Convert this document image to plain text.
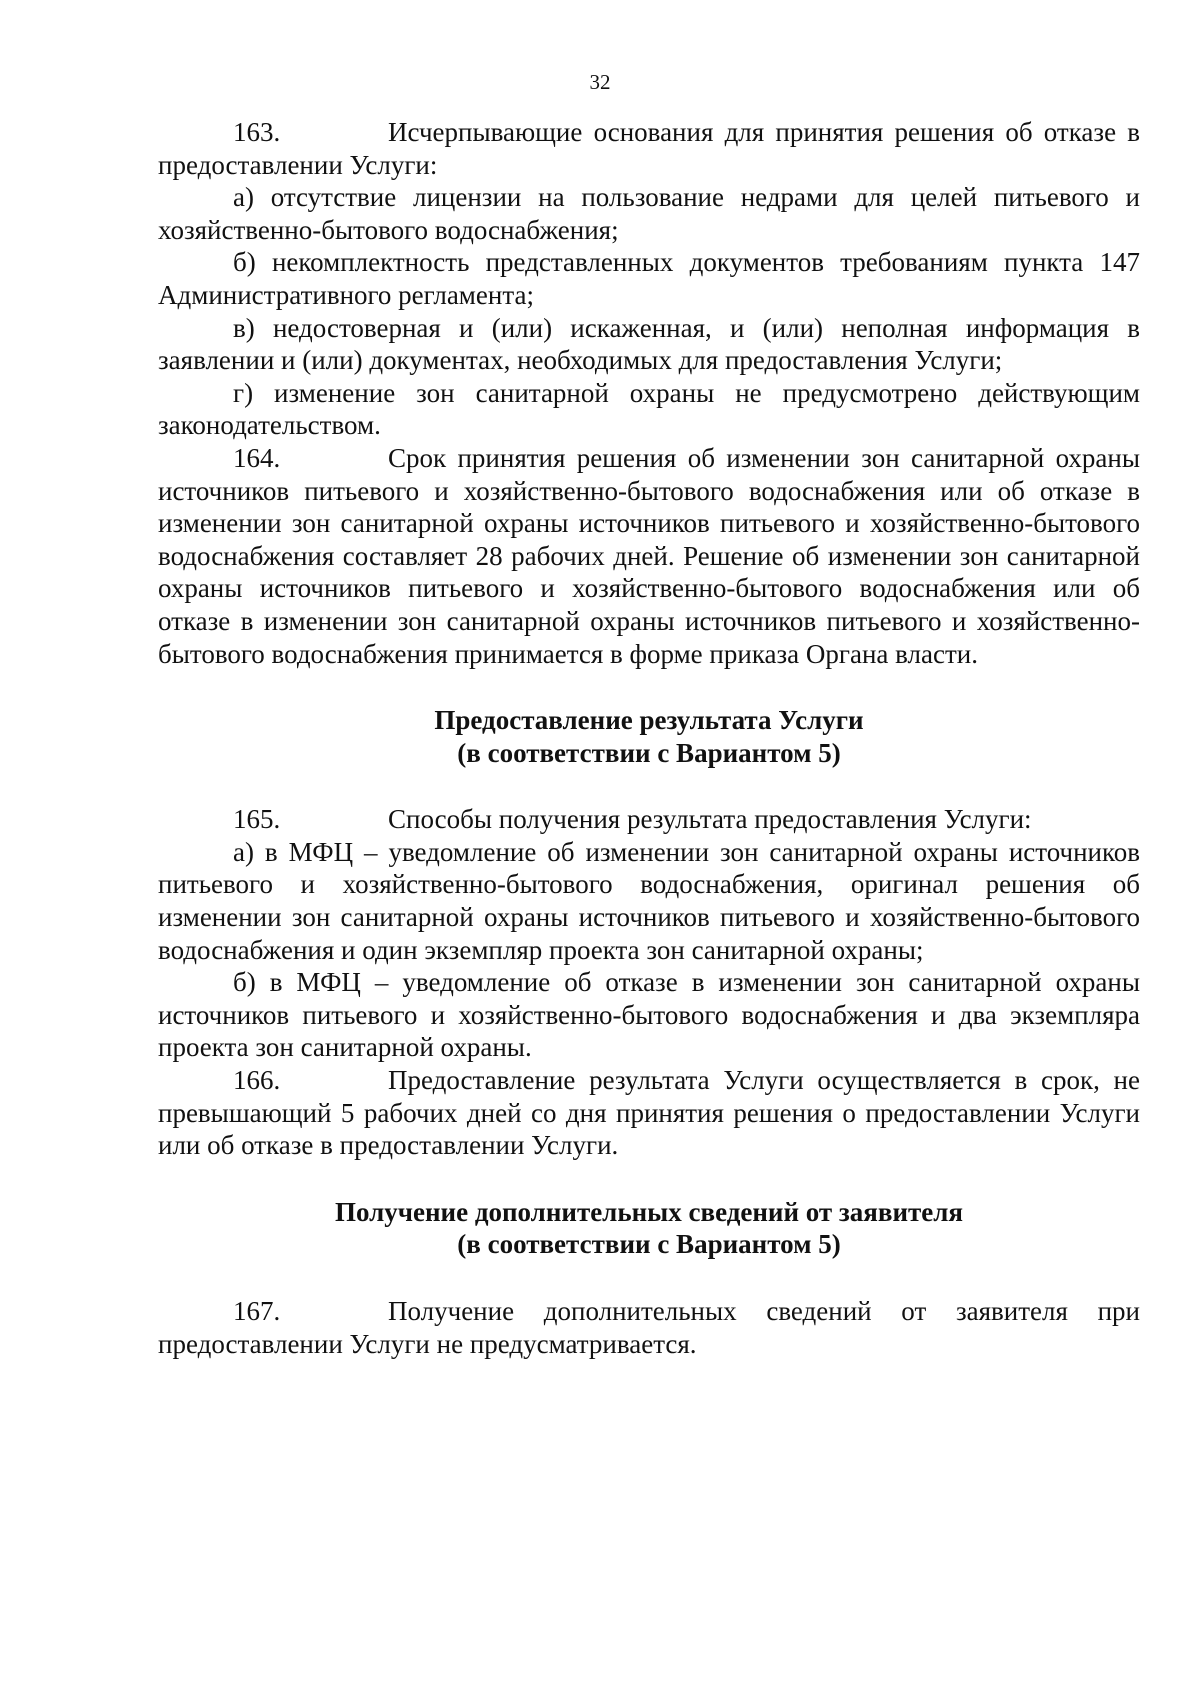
32

163.	Исчерпывающие основания для принятия решения об отказе в предоставлении Услуги:

а) отсутствие лицензии на пользование недрами для целей питьевого и хозяйственно-бытового водоснабжения;

б) некомплектность представленных документов требованиям пункта 147 Административного регламента;

в) недостоверная и (или) искаженная, и (или) неполная информация в заявлении и (или) документах, необходимых для предоставления Услуги;

г) изменение зон санитарной охраны не предусмотрено действующим законодательством.

164.	Срок принятия решения об изменении зон санитарной охраны источников питьевого и хозяйственно-бытового водоснабжения или об отказе в изменении зон санитарной охраны источников питьевого и хозяйственно-бытового водоснабжения составляет 28 рабочих дней. Решение об изменении зон санитарной охраны источников питьевого и хозяйственно-бытового водоснабжения или об отказе в изменении зон санитарной охраны источников питьевого и хозяйственно-бытового водоснабжения принимается в форме приказа Органа власти.

Предоставление результата Услуги

(в соответствии с Вариантом 5)

165.	Способы получения результата предоставления Услуги:

а) в МФЦ – уведомление об изменении зон санитарной охраны источников питьевого и хозяйственно-бытового водоснабжения, оригинал решения об изменении зон санитарной охраны источников питьевого и хозяйственно-бытового водоснабжения и один экземпляр проекта зон санитарной охраны;

б) в МФЦ – уведомление об отказе в изменении зон санитарной охраны источников питьевого и хозяйственно-бытового водоснабжения и два экземпляра проекта зон санитарной охраны.

166.	Предоставление результата Услуги осуществляется в срок, не превышающий 5 рабочих дней со дня принятия решения о предоставлении Услуги или об отказе в предоставлении Услуги.

Получение дополнительных сведений от заявителя

(в соответствии с Вариантом 5)

167.	Получение дополнительных сведений от заявителя при предоставлении Услуги не предусматривается.
